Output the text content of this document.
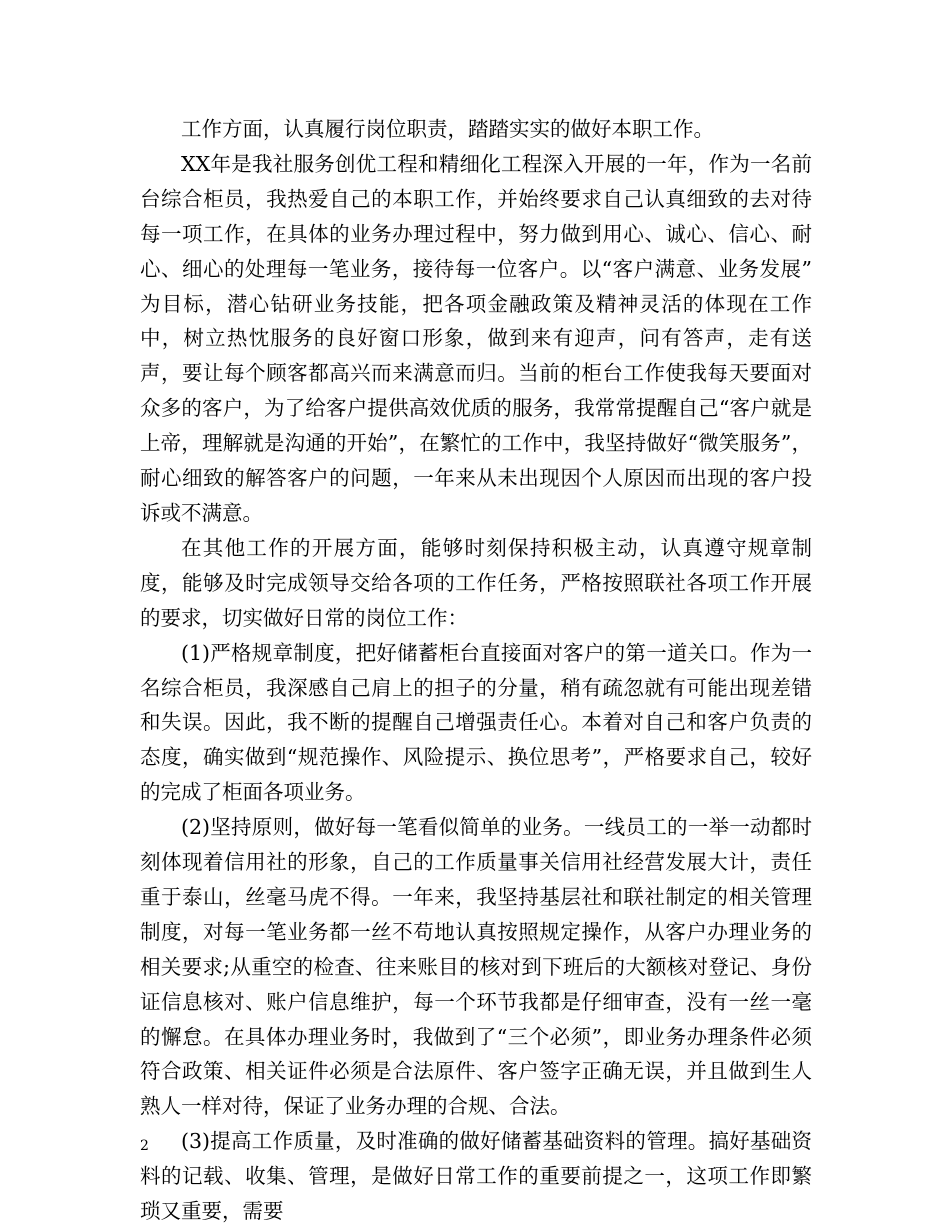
工作方面，认真履行岗位职责，踏踏实实的做好本职工作。

XX年是我社服务创优工程和精细化工程深入开展的一年，作为一名前台综合柜员，我热爱自己的本职工作，并始终要求自己认真细致的去对待每一项工作，在具体的业务办理过程中，努力做到用心、诚心、信心、耐心、细心的处理每一笔业务，接待每一位客户。以“客户满意、业务发展” 为目标，潜心钻研业务技能，把各项金融政策及精神灵活的体现在工作中，树立热忱服务的良好窗口形象，做到来有迎声，问有答声，走有送声，要让每个顾客都高兴而来满意而归。当前的柜台工作使我每天要面对众多的客户，为了给客户提供高效优质的服务，我常常提醒自己“客户就是上帝，理解就是沟通的开始”，在繁忙的工作中，我坚持做好“微笑服务”，耐心细致的解答客户的问题，一年来从未出现因个人原因而出现的客户投诉或不满意。

在其他工作的开展方面，能够时刻保持积极主动，认真遵守规章制度，能够及时完成领导交给各项的工作任务，严格按照联社各项工作开展的要求，切实做好日常的岗位工作：

(1)严格规章制度，把好储蓄柜台直接面对客户的第一道关口。作为一名综合柜员，我深感自己肩上的担子的分量，稍有疏忽就有可能出现差错和失误。因此，我不断的提醒自己增强责任心。本着对自己和客户负责的态度，确实做到“规范操作、风险提示、换位思考”，严格要求自己，较好的完成了柜面各项业务。

(2)坚持原则，做好每一笔看似简单的业务。一线员工的一举一动都时刻体现着信用社的形象，自己的工作质量事关信用社经营发展大计，责任重于泰山，丝毫马虎不得。一年来，我坚持基层社和联社制定的相关管理制度，对每一笔业务都一丝不苟地认真按照规定操作，从客户办理业务的相关要求;从重空的检查、往来账目的核对到下班后的大额核对登记、身份证信息核对、账户信息维护，每一个环节我都是仔细审查，没有一丝一毫的懈怠。在具体办理业务时，我做到了“三个必须”，即业务办理条件必须符合政策、相关证件必须是合法原件、客户签字正确无误，并且做到生人熟人一样对待，保证了业务办理的合规、合法。

(3)提高工作质量，及时准确的做好储蓄基础资料的管理。搞好基础资料的记载、收集、管理，是做好日常工作的重要前提之一，这项工作即繁琐又重要，需要

2
